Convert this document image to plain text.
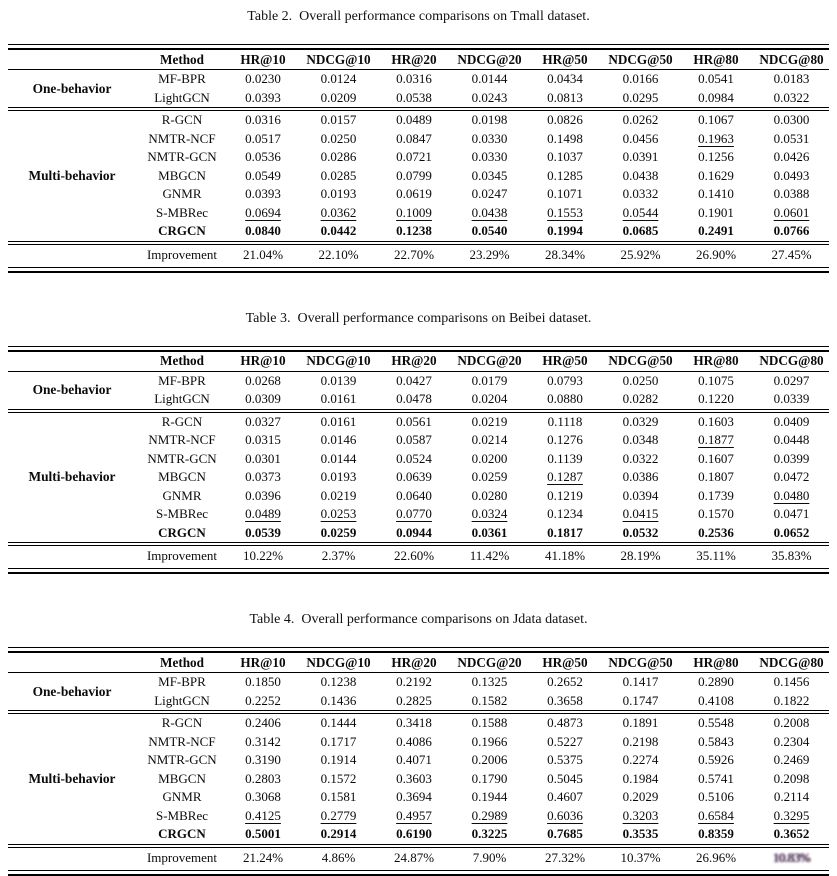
Table 2.  Overall performance comparisons on Tmall dataset.
Method	HR@10	NDCG@10	HR@20	NDCG@20	HR@50	NDCG@50	HR@80	NDCG@80
One-behavior
MF-BPR	0.0230	0.0124	0.0316	0.0144	0.0434	0.0166	0.0541	0.0183
LightGCN	0.0393	0.0209	0.0538	0.0243	0.0813	0.0295	0.0984	0.0322
Multi-behavior
R-GCN	0.0316	0.0157	0.0489	0.0198	0.0826	0.0262	0.1067	0.0300
NMTR-NCF	0.0517	0.0250	0.0847	0.0330	0.1498	0.0456	0.1963	0.0531
NMTR-GCN	0.0536	0.0286	0.0721	0.0330	0.1037	0.0391	0.1256	0.0426
MBGCN	0.0549	0.0285	0.0799	0.0345	0.1285	0.0438	0.1629	0.0493
GNMR	0.0393	0.0193	0.0619	0.0247	0.1071	0.0332	0.1410	0.0388
S-MBRec	0.0694	0.0362	0.1009	0.0438	0.1553	0.0544	0.1901	0.0601
CRGCN	0.0840	0.0442	0.1238	0.0540	0.1994	0.0685	0.2491	0.0766
Improvement	21.04%	22.10%	22.70%	23.29%	28.34%	25.92%	26.90%	27.45%
Table 3.  Overall performance comparisons on Beibei dataset.
Method	HR@10	NDCG@10	HR@20	NDCG@20	HR@50	NDCG@50	HR@80	NDCG@80
One-behavior
MF-BPR	0.0268	0.0139	0.0427	0.0179	0.0793	0.0250	0.1075	0.0297
LightGCN	0.0309	0.0161	0.0478	0.0204	0.0880	0.0282	0.1220	0.0339
Multi-behavior
R-GCN	0.0327	0.0161	0.0561	0.0219	0.1118	0.0329	0.1603	0.0409
NMTR-NCF	0.0315	0.0146	0.0587	0.0214	0.1276	0.0348	0.1877	0.0448
NMTR-GCN	0.0301	0.0144	0.0524	0.0200	0.1139	0.0322	0.1607	0.0399
MBGCN	0.0373	0.0193	0.0639	0.0259	0.1287	0.0386	0.1807	0.0472
GNMR	0.0396	0.0219	0.0640	0.0280	0.1219	0.0394	0.1739	0.0480
S-MBRec	0.0489	0.0253	0.0770	0.0324	0.1234	0.0415	0.1570	0.0471
CRGCN	0.0539	0.0259	0.0944	0.0361	0.1817	0.0532	0.2536	0.0652
Improvement	10.22%	2.37%	22.60%	11.42%	41.18%	28.19%	35.11%	35.83%
Table 4.  Overall performance comparisons on Jdata dataset.
Method	HR@10	NDCG@10	HR@20	NDCG@20	HR@50	NDCG@50	HR@80	NDCG@80
One-behavior
MF-BPR	0.1850	0.1238	0.2192	0.1325	0.2652	0.1417	0.2890	0.1456
LightGCN	0.2252	0.1436	0.2825	0.1582	0.3658	0.1747	0.4108	0.1822
Multi-behavior
R-GCN	0.2406	0.1444	0.3418	0.1588	0.4873	0.1891	0.5548	0.2008
NMTR-NCF	0.3142	0.1717	0.4086	0.1966	0.5227	0.2198	0.5843	0.2304
NMTR-GCN	0.3190	0.1914	0.4071	0.2006	0.5375	0.2274	0.5926	0.2469
MBGCN	0.2803	0.1572	0.3603	0.1790	0.5045	0.1984	0.5741	0.2098
GNMR	0.3068	0.1581	0.3694	0.1944	0.4607	0.2029	0.5106	0.2114
S-MBRec	0.4125	0.2779	0.4957	0.2989	0.6036	0.3203	0.6584	0.3295
CRGCN	0.5001	0.2914	0.6190	0.3225	0.7685	0.3535	0.8359	0.3652
Improvement	21.24%	4.86%	24.87%	7.90%	27.32%	10.37%	26.96%	10.83%
